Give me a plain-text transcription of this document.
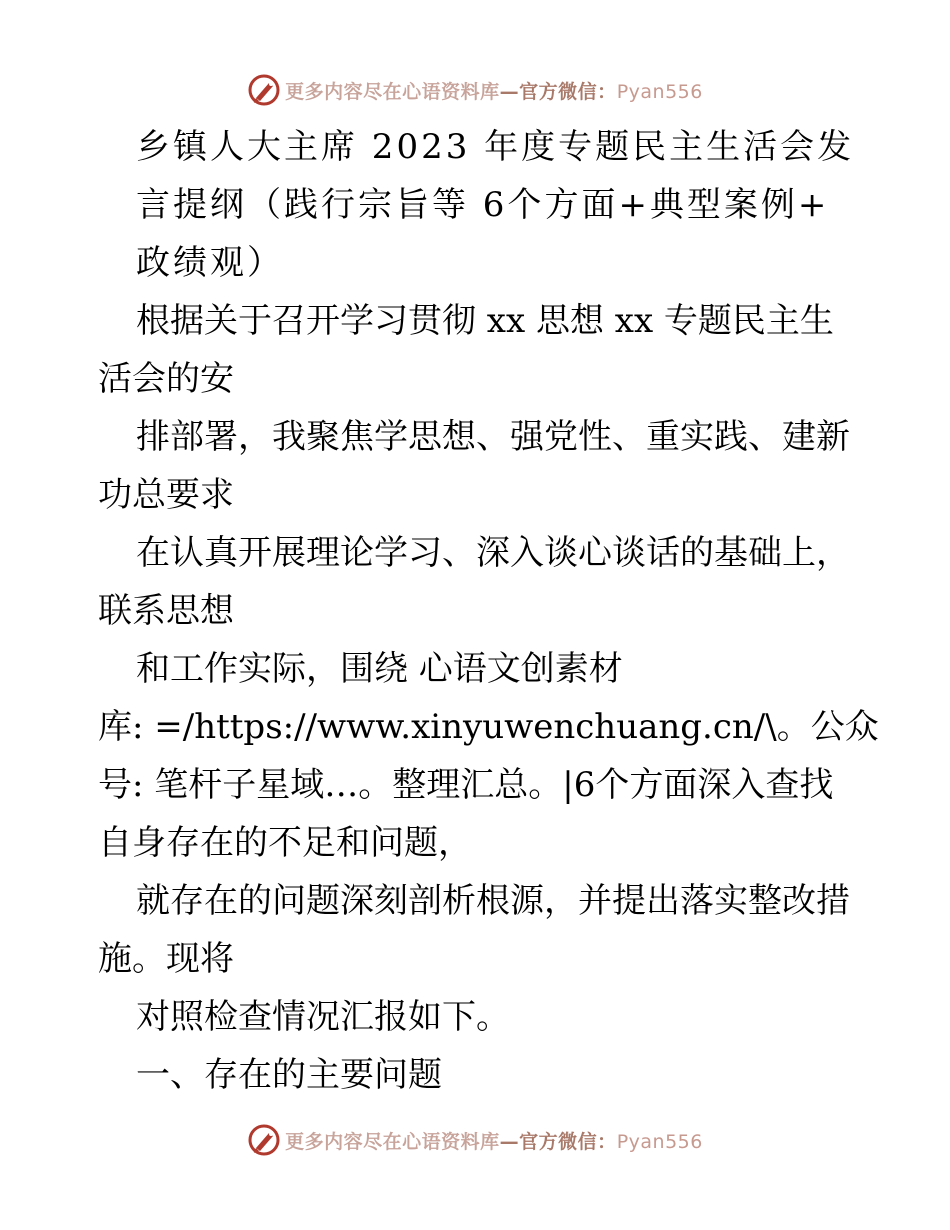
更多内容尽在心语资料库—官方微信：Pyan556
乡镇人大主席 2023 年度专题民主生活会发
言提纲（践行宗旨等 6个方面+典型案例+
政绩观）
根据关于召开学习贯彻 xx 思想 xx 专题民主生
活会的安
排部署，我聚焦学思想、强党性、重实践、建新
功总要求
在认真开展理论学习、深入谈心谈话的基础上，
联系思想
和工作实际，围绕 心语文创素材
库: =/https://www.xinyuwenchuang.cn/\。公众
号: 笔杆子星域…。整理汇总。|6个方面深入查找
自身存在的不足和问题，
就存在的问题深刻剖析根源，并提出落实整改措
施。现将
对照检查情况汇报如下。
一、存在的主要问题
更多内容尽在心语资料库—官方微信：Pyan556
